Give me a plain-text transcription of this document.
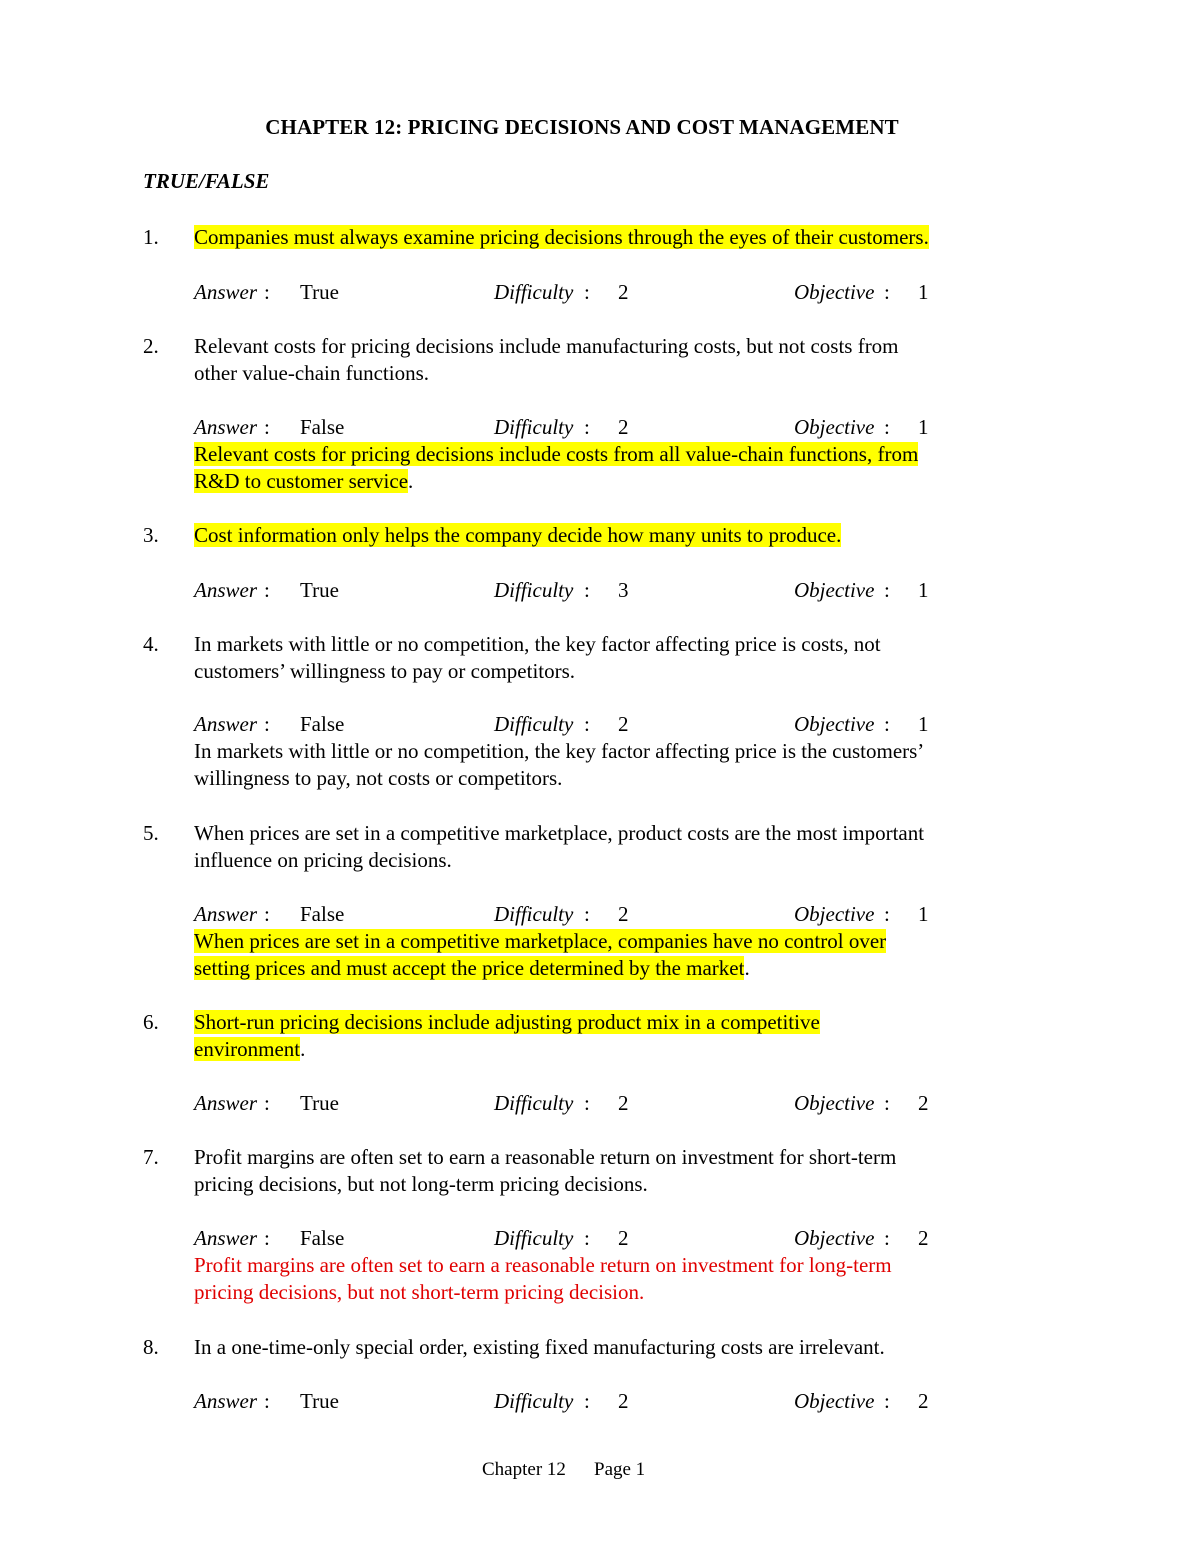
CHAPTER 12: PRICING DECISIONS AND COST MANAGEMENT
TRUE/FALSE
1. Companies must always examine pricing decisions through the eyes of their customers.
Answer : True	Difficulty : 2	Objective : 1
2. Relevant costs for pricing decisions include manufacturing costs, but not costs from
other value-chain functions.
Answer : False	Difficulty : 2	Objective : 1
Relevant costs for pricing decisions include costs from all value-chain functions, from
R&D to customer service.
3. Cost information only helps the company decide how many units to produce.
Answer : True	Difficulty : 3	Objective : 1
4. In markets with little or no competition, the key factor affecting price is costs, not
customers’ willingness to pay or competitors.
Answer : False	Difficulty : 2	Objective : 1
In markets with little or no competition, the key factor affecting price is the customers’
willingness to pay, not costs or competitors.
5. When prices are set in a competitive marketplace, product costs are the most important
influence on pricing decisions.
Answer : False	Difficulty : 2	Objective : 1
When prices are set in a competitive marketplace, companies have no control over
setting prices and must accept the price determined by the market.
6. Short-run pricing decisions include adjusting product mix in a competitive
environment.
Answer : True	Difficulty : 2	Objective : 2
7. Profit margins are often set to earn a reasonable return on investment for short-term
pricing decisions, but not long-term pricing decisions.
Answer : False	Difficulty : 2	Objective : 2
Profit margins are often set to earn a reasonable return on investment for long-term
pricing decisions, but not short-term pricing decision.
8. In a one-time-only special order, existing fixed manufacturing costs are irrelevant.
Answer : True	Difficulty : 2	Objective : 2
Chapter 12 Page 1
